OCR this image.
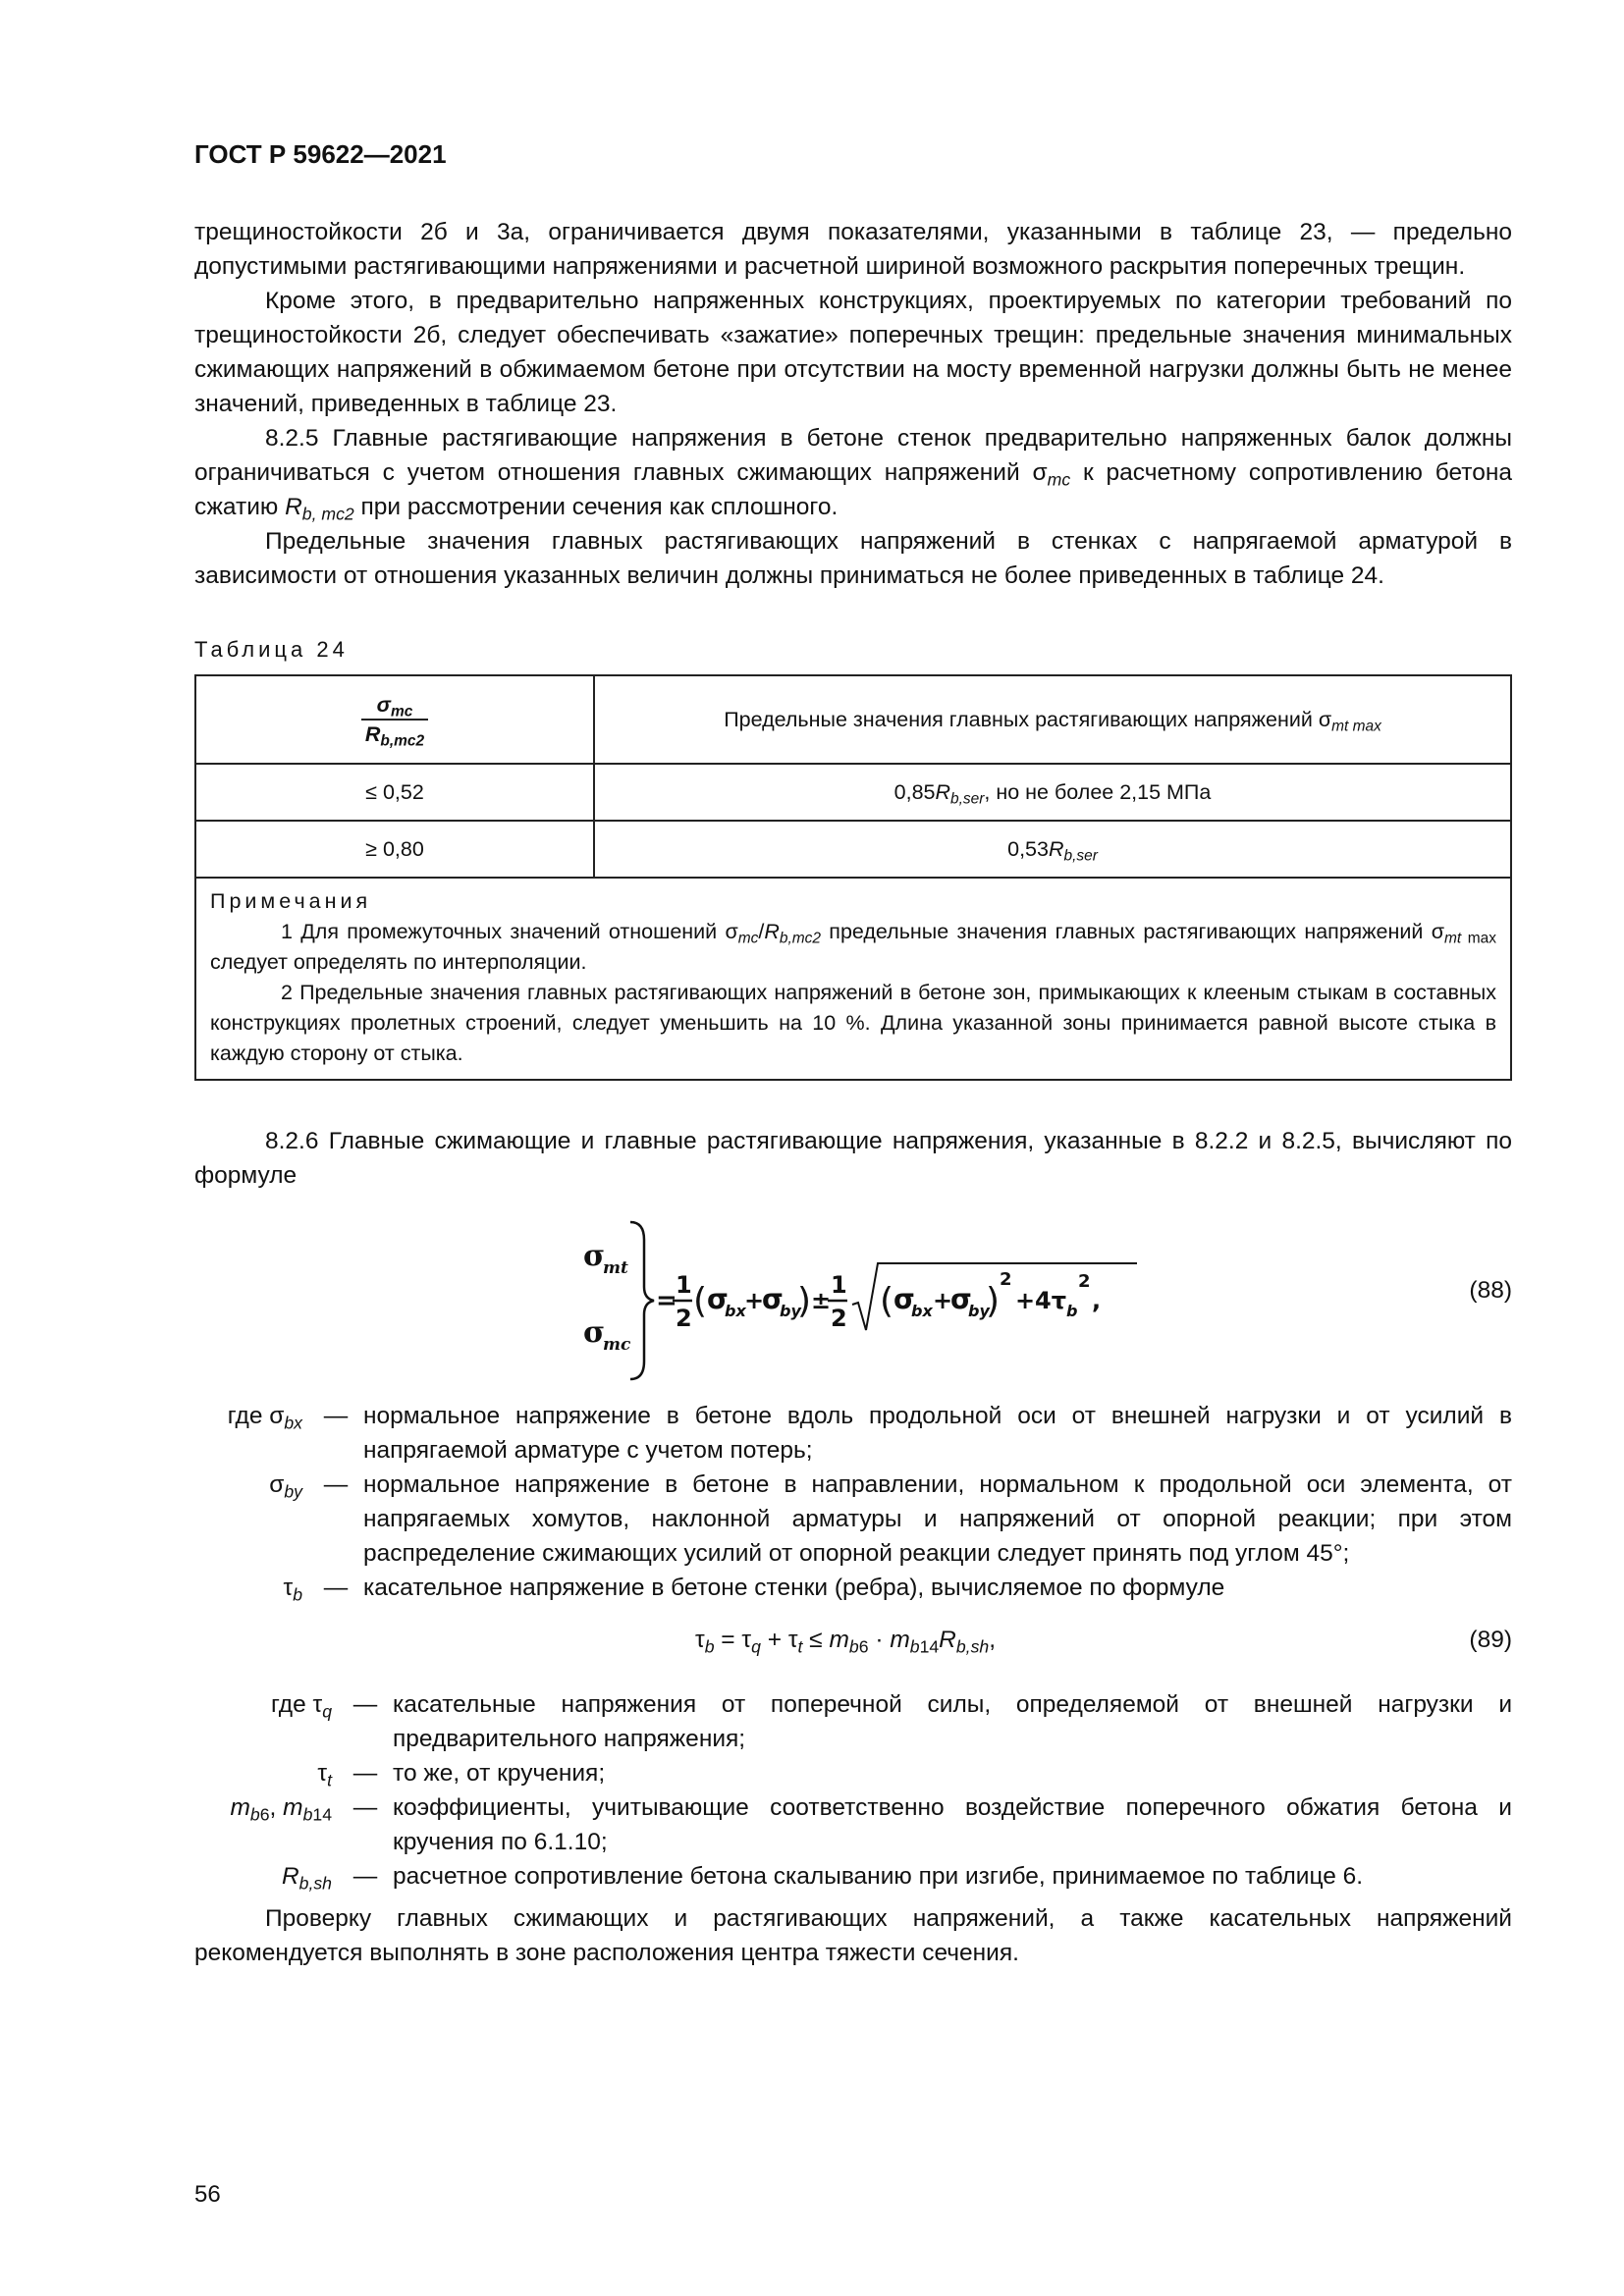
ГОСТ Р 59622—2021

трещиностойкости 2б и 3а, ограничивается двумя показателями, указанными в таблице 23, — предельно допустимыми растягивающими напряжениями и расчетной шириной возможного раскрытия поперечных трещин.

Кроме этого, в предварительно напряженных конструкциях, проектируемых по категории требований по трещиностойкости 2б, следует обеспечивать «зажатие» поперечных трещин: предельные значения минимальных сжимающих напряжений в обжимаемом бетоне при отсутствии на мосту временной нагрузки должны быть не менее значений, приведенных в таблице 23.

8.2.5 Главные растягивающие напряжения в бетоне стенок предварительно напряженных балок должны ограничиваться с учетом отношения главных сжимающих напряжений $\sigma_{mc}$ к расчетному сопротивлению бетона сжатию $R_{b, mc2}$ при рассмотрении сечения как сплошного.

Предельные значения главных растягивающих напряжений в стенках с напрягаемой арматурой в зависимости от отношения указанных величин должны приниматься не более приведенных в таблице 24.

Таблица 24
$\frac{\sigma_{mc}}{R_{b,mc2}}$	Предельные значения главных растягивающих напряжений $\sigma_{mt max}$
≤ 0,52	$0,85R_{b,ser}$, но не более 2,15 МПа
≥ 0,80	$0,53R_{b,ser}$

Примечания

1 Для промежуточных значений отношений $\sigma_{mc}/R_{b,mc2}$ предельные значения главных растягивающих напряжений $\sigma_{mt max}$ следует определять по интерполяции.

2 Предельные значения главных растягивающих напряжений в бетоне зон, примыкающих к клееным стыкам в составных конструкциях пролетных строений, следует уменьшить на 10 %. Длина указанной зоны принимается равной высоте стыка в каждую сторону от стыка.	

8.2.6 Главные сжимающие и главные растягивающие напряжения, указанные в 8.2.2 и 8.2.5, вычисляют по формуле

σ
mt
σ
mc
=
1
2 ( σ
bx
+
σ
by
) ±
1
2 ( σ
bx +
σ
by
)
2
+ 4τ b
2
,	(88)
где $\sigma_{bx}$ — нормальное напряжение в бетоне вдоль продольной оси от внешней нагрузки и от усилий в напрягаемой арматуре с учетом потерь;
$\sigma_{by}$ — нормальное напряжение в бетоне в направлении, нормальном к продольной оси элемента, от напрягаемых хомутов, наклонной арматуры и напряжений от опорной реакции; при этом распределение сжимающих усилий от опорной реакции следует принять под углом 45°;
$\tau_b$ — касательное напряжение в бетоне стенки (ребра), вычисляемое по формуле
$\tau_b = \tau_q + \tau_t \le m_{b6} \cdot m_{b14}R_{b,sh}$,	(89)
где $\tau_q$ — касательные напряжения от поперечной силы, определяемой от внешней нагрузки и предварительного напряжения;
$\tau_t$ — то же, от кручения;
$m_{b6}$, $m_{b14}$ — коэффициенты, учитывающие соответственно воздействие поперечного обжатия бетона и кручения по 6.1.10;
$R_{b,sh}$ — расчетное сопротивление бетона скалыванию при изгибе, принимаемое по таблице 6.

Проверку главных сжимающих и растягивающих напряжений, а также касательных напряжений рекомендуется выполнять в зоне расположения центра тяжести сечения.

56
